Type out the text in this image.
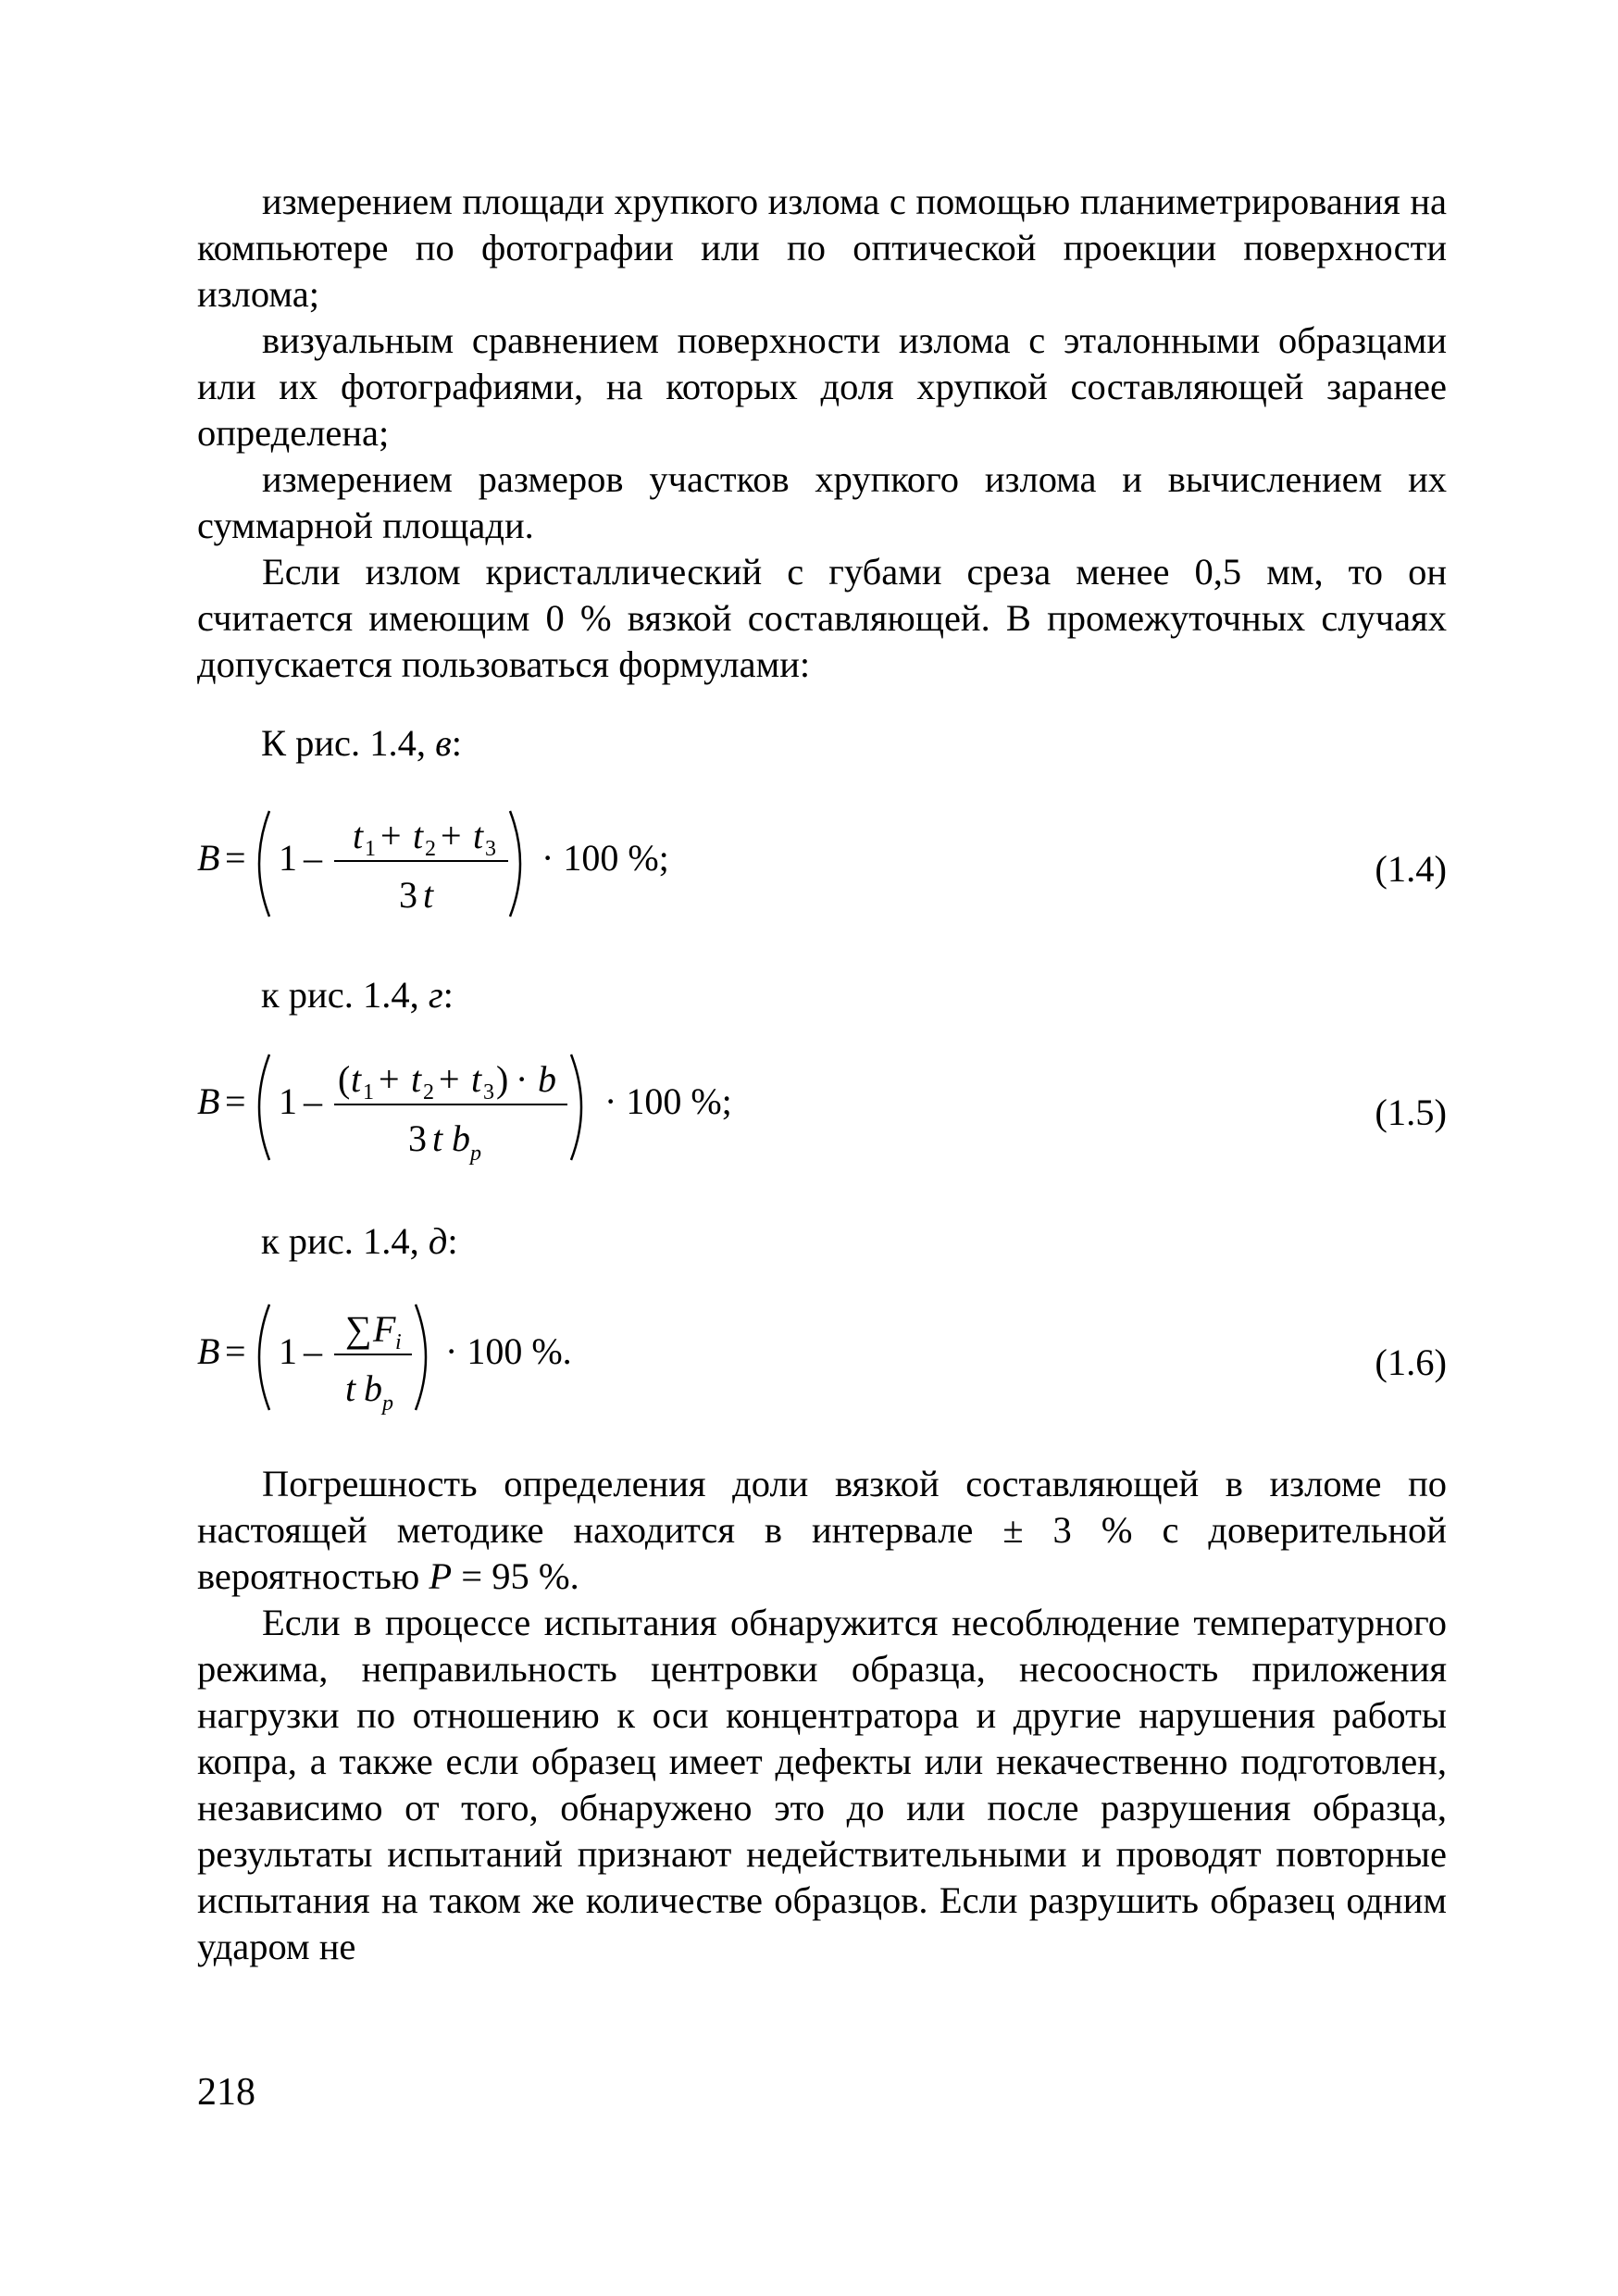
измерением площади хрупкого излома с помощью планиметрирования на компьютере по фотографии или по оптической проекции поверхности излома;

визуальным сравнением поверхности излома с эталонными образцами или их фотографиями, на которых доля хрупкой составляющей заранее определена;

измерением размеров участков хрупкого излома и вычислением их суммарной площади.

Если излом кристаллический с губами среза менее 0,5 мм, то он считается имеющим 0 % вязкой составляющей. В промежуточных случаях допускается пользоваться формулами:

К рис. 1.4, в:
B = 1 –
t 1 + t 2 + t 3
3 t
· 100 %;	(1.4)
к рис. 1.4, г:
B = 1 –
( t 1 + t 2 + t 3 ) · b
3 t b p
· 100 %;	(1.5)
к рис. 1.4, д:
B = 1 –
∑ F i
t b p
· 100 %.	(1.6)

Погрешность определения доли вязкой составляющей в изломе по настоящей методике находится в интервале ± 3 % с доверительной вероятностью P = 95 %.

Если в процессе испытания обнаружится несоблюдение температурного режима, неправильность центровки образца, несоосность приложения нагрузки по отношению к оси концентратора и другие нарушения работы копра, а также если образец имеет дефекты или некачественно подготовлен, независимо от того, обнаружено это до или после разрушения образца, результаты испытаний признают недействительными и проводят повторные испытания на таком же количестве образцов. Если разрушить образец одним ударом не

218
